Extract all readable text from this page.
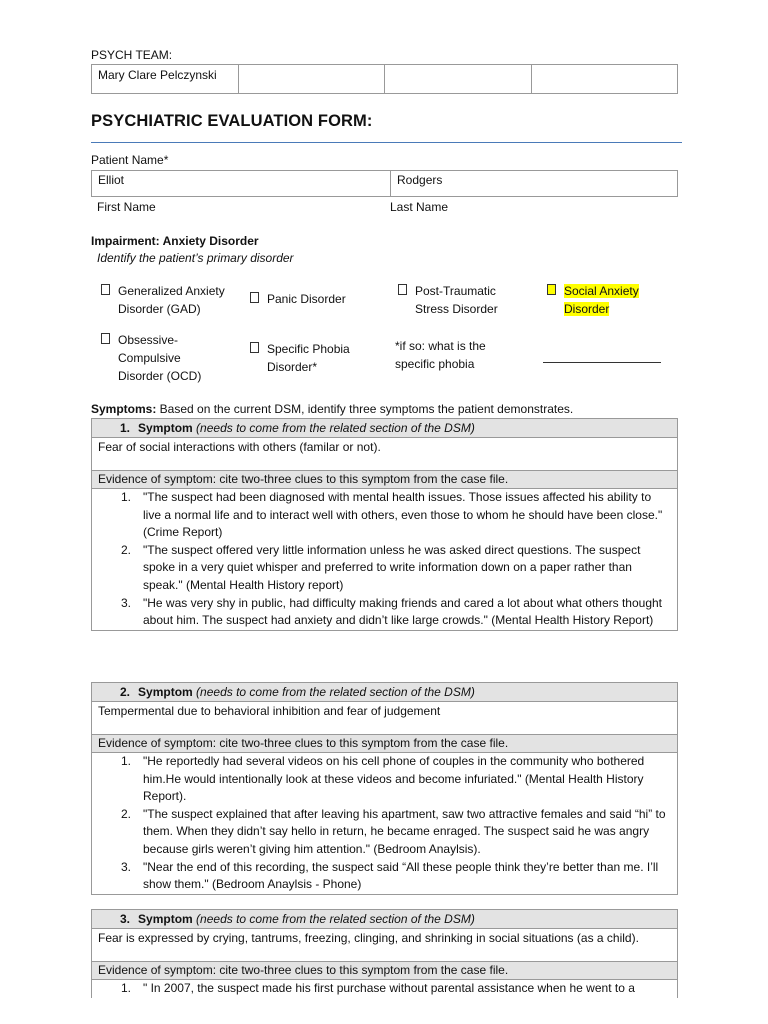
PSYCH TEAM:
Mary Clare Pelczynski
PSYCHIATRIC EVALUATION FORM:
Patient Name*
Elliot	Rodgers
First Name	Last Name
Impairment: Anxiety Disorder
Identify the patient’s primary disorder
Generalized Anxiety Disorder (GAD)
Panic Disorder
Post-Traumatic Stress Disorder
Social Anxiety Disorder
Obsessive-Compulsive Disorder (OCD)
Specific Phobia Disorder*
*if so: what is the specific phobia
Symptoms: Based on the current DSM, identify three symptoms the patient demonstrates.
1. Symptom (needs to come from the related section of the DSM)
Fear of social interactions with others (familar or not).
Evidence of symptom: cite two-three clues to this symptom from the case file.
1. "The suspect had been diagnosed with mental health issues. Those issues affected his ability to live a normal life and to interact well with others, even those to whom he should have been close." (Crime Report)
2. "The suspect offered very little information unless he was asked direct questions. The suspect spoke in a very quiet whisper and preferred to write information down on a paper rather than speak." (Mental Health History report)
3. "He was very shy in public, had difficulty making friends and cared a lot about what others thought about him. The suspect had anxiety and didn’t like large crowds." (Mental Health History Report)
2. Symptom (needs to come from the related section of the DSM)
Tempermental due to behavioral inhibition and fear of judgement
Evidence of symptom: cite two-three clues to this symptom from the case file.
1. "He reportedly had several videos on his cell phone of couples in the community who bothered him.He would intentionally look at these videos and become infuriated." (Mental Health History Report).
2. "The suspect explained that after leaving his apartment, saw two attractive females and said “hi” to them. When they didn’t say hello in return, he became enraged. The suspect said he was angry because girls weren’t giving him attention." (Bedroom Anaylsis).
3. "Near the end of this recording, the suspect said “All these people think they’re better than me. I’ll show them." (Bedroom Anaylsis - Phone)
3. Symptom (needs to come from the related section of the DSM)
Fear is expressed by crying, tantrums, freezing, clinging, and shrinking in social situations (as a child).
Evidence of symptom: cite two-three clues to this symptom from the case file.
1. " In 2007, the suspect made his first purchase without parental assistance when he went to a
